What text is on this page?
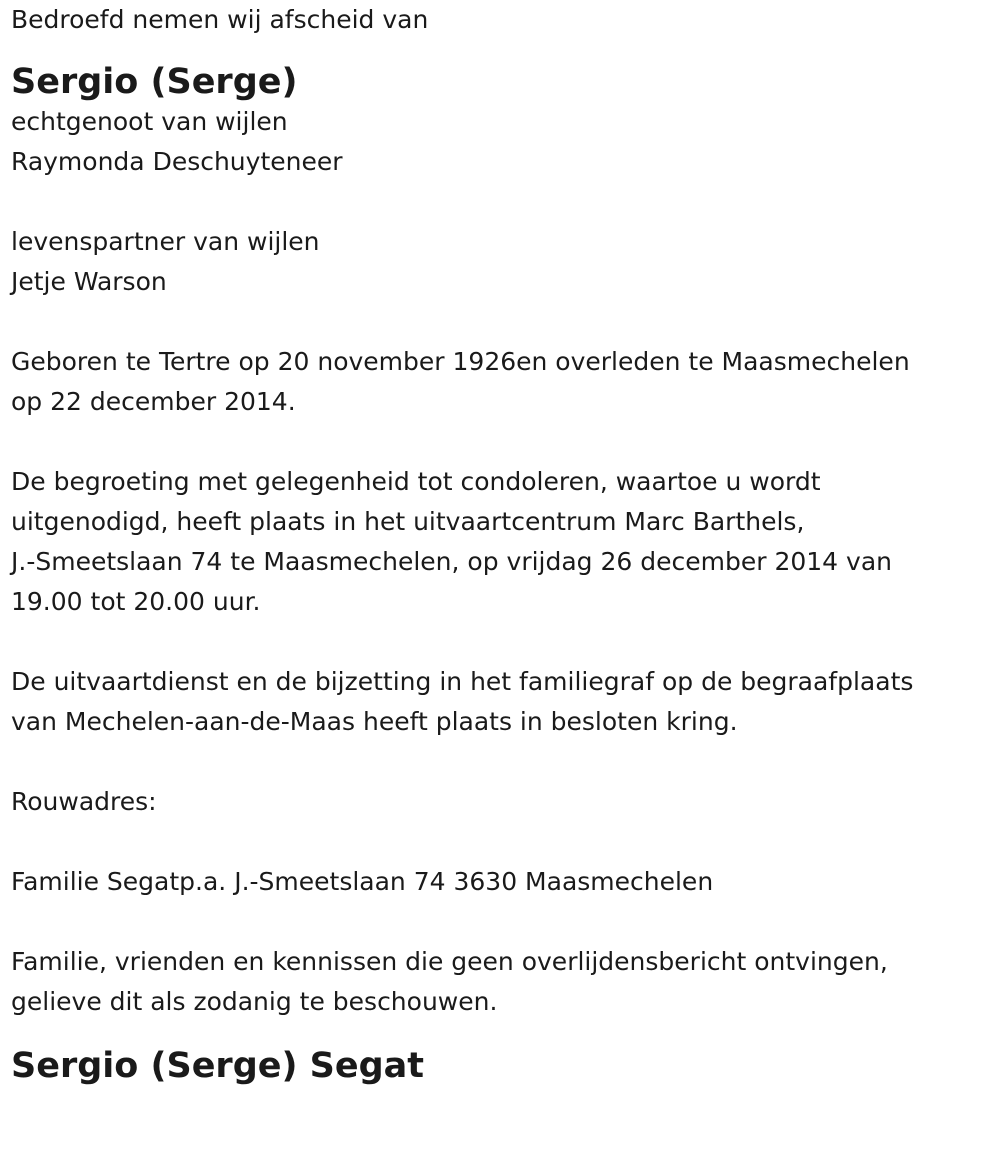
Bedroefd nemen wij afscheid van

Sergio (Serge)

echtgenoot van wijlen

Raymonda Deschuyteneer

levenspartner van wijlen

Jetje Warson

Geboren te Tertre op 20 november 1926en overleden te Maasmechelen

op 22 december 2014.

De begroeting met gelegenheid tot condoleren, waartoe u wordt

uitgenodigd, heeft plaats in het uitvaartcentrum Marc Barthels,

J.-Smeetslaan 74 te Maasmechelen, op vrijdag 26 december 2014 van

19.00 tot 20.00 uur.

De uitvaartdienst en de bijzetting in het familiegraf op de begraafplaats

van Mechelen-aan-de-Maas heeft plaats in besloten kring.

Rouwadres:

Familie Segatp.a. J.-Smeetslaan 74 3630 Maasmechelen

Familie, vrienden en kennissen die geen overlijdensbericht ontvingen,

gelieve dit als zodanig te beschouwen.

Sergio (Serge) Segat
